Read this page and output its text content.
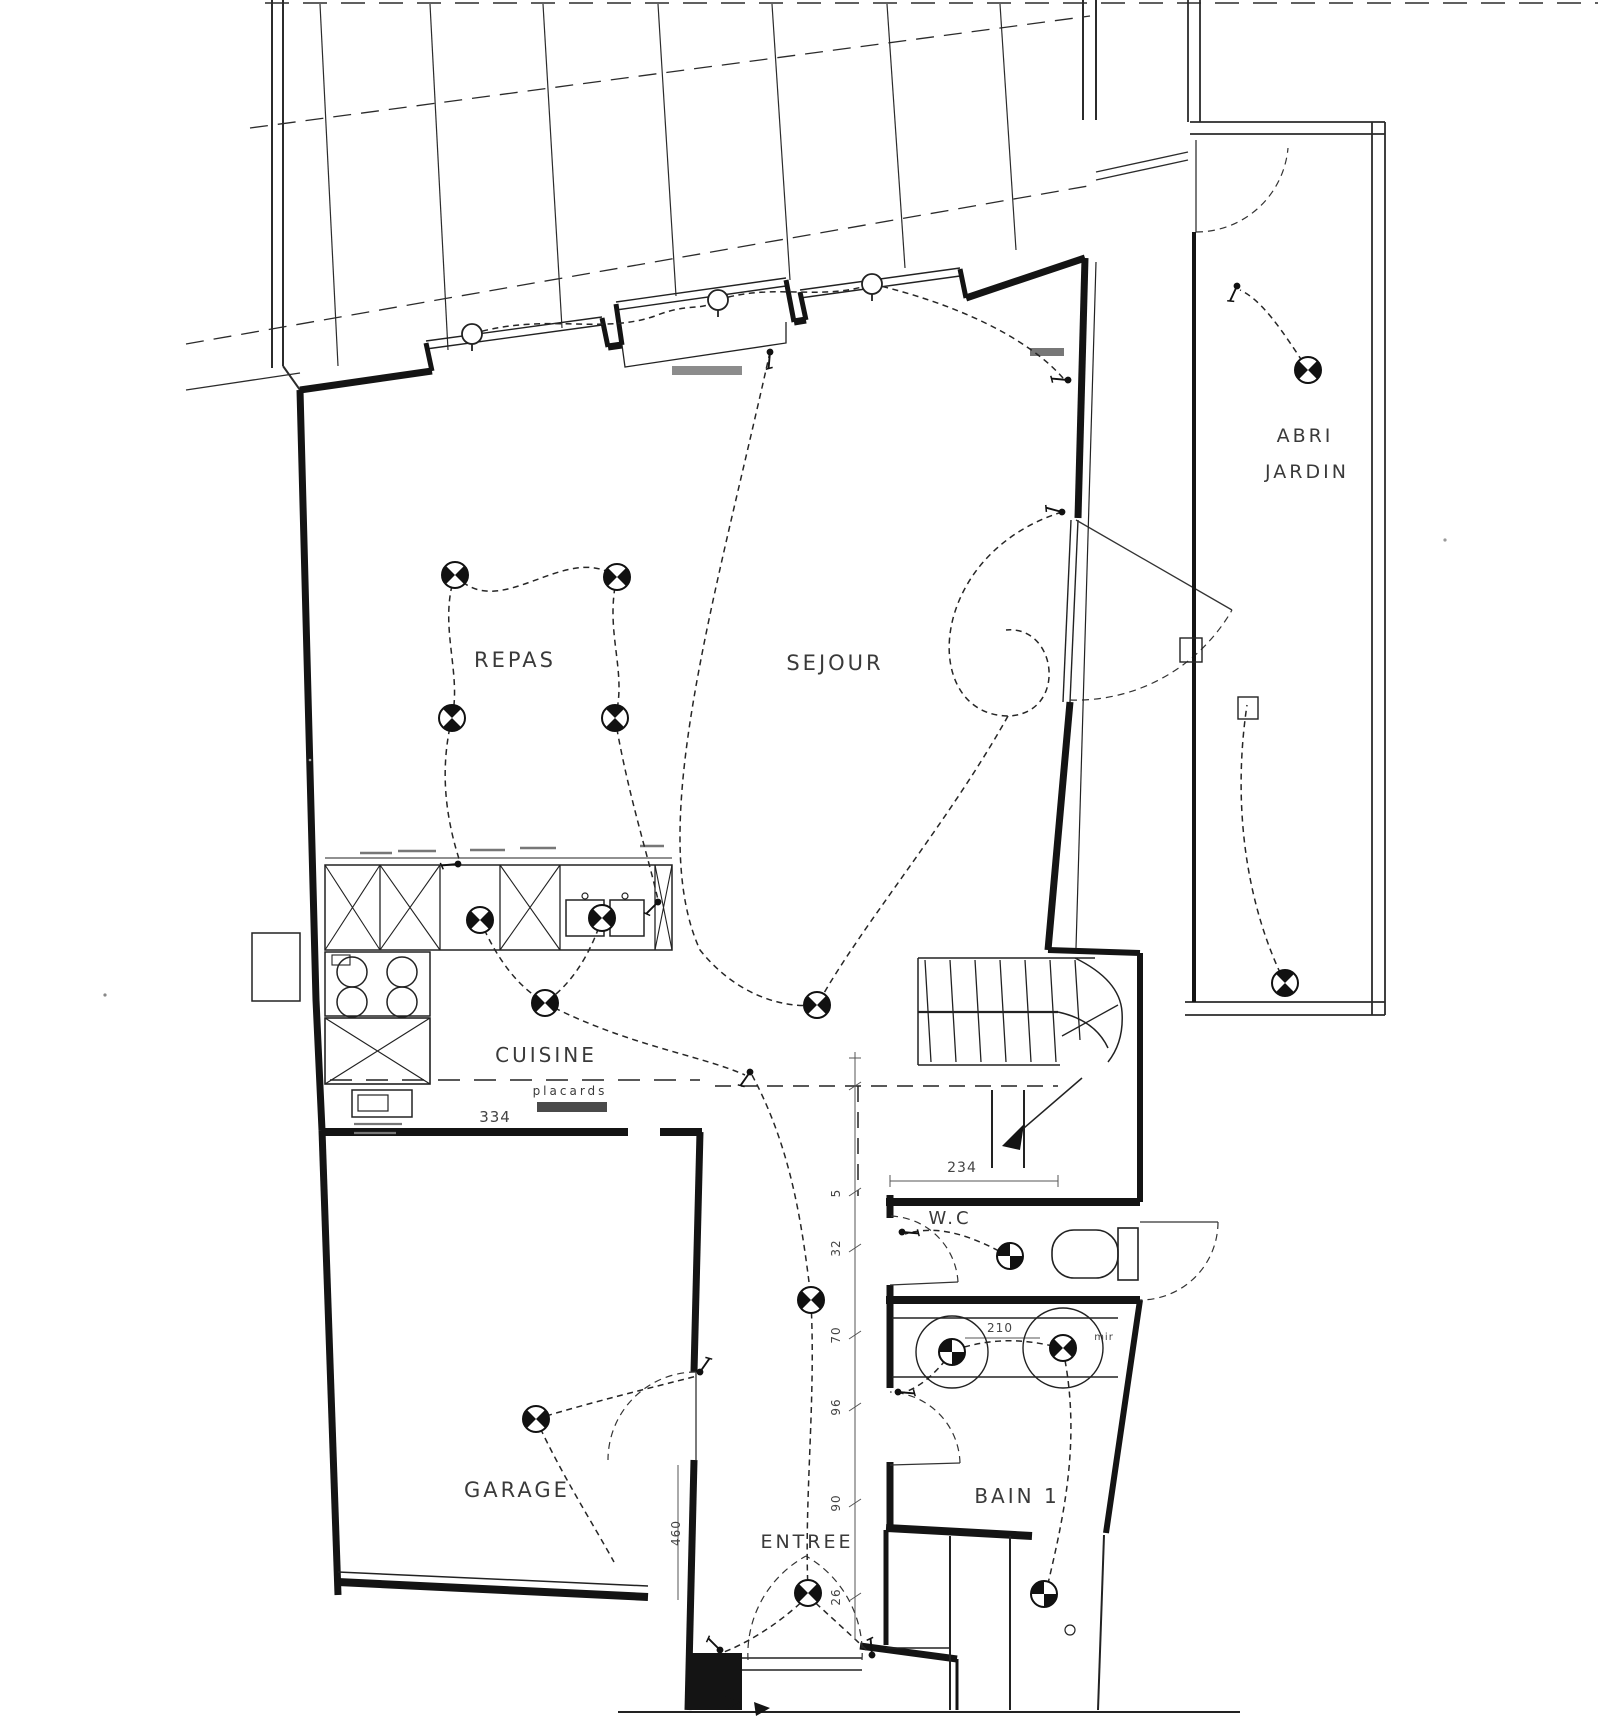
REPAS	SEJOUR
CUISINE
GARAGE
ENTREE
W.C
BAIN 1
ABRI
JARDIN
placards
334
234
210
460
5
32
70
96
90
26
mir
